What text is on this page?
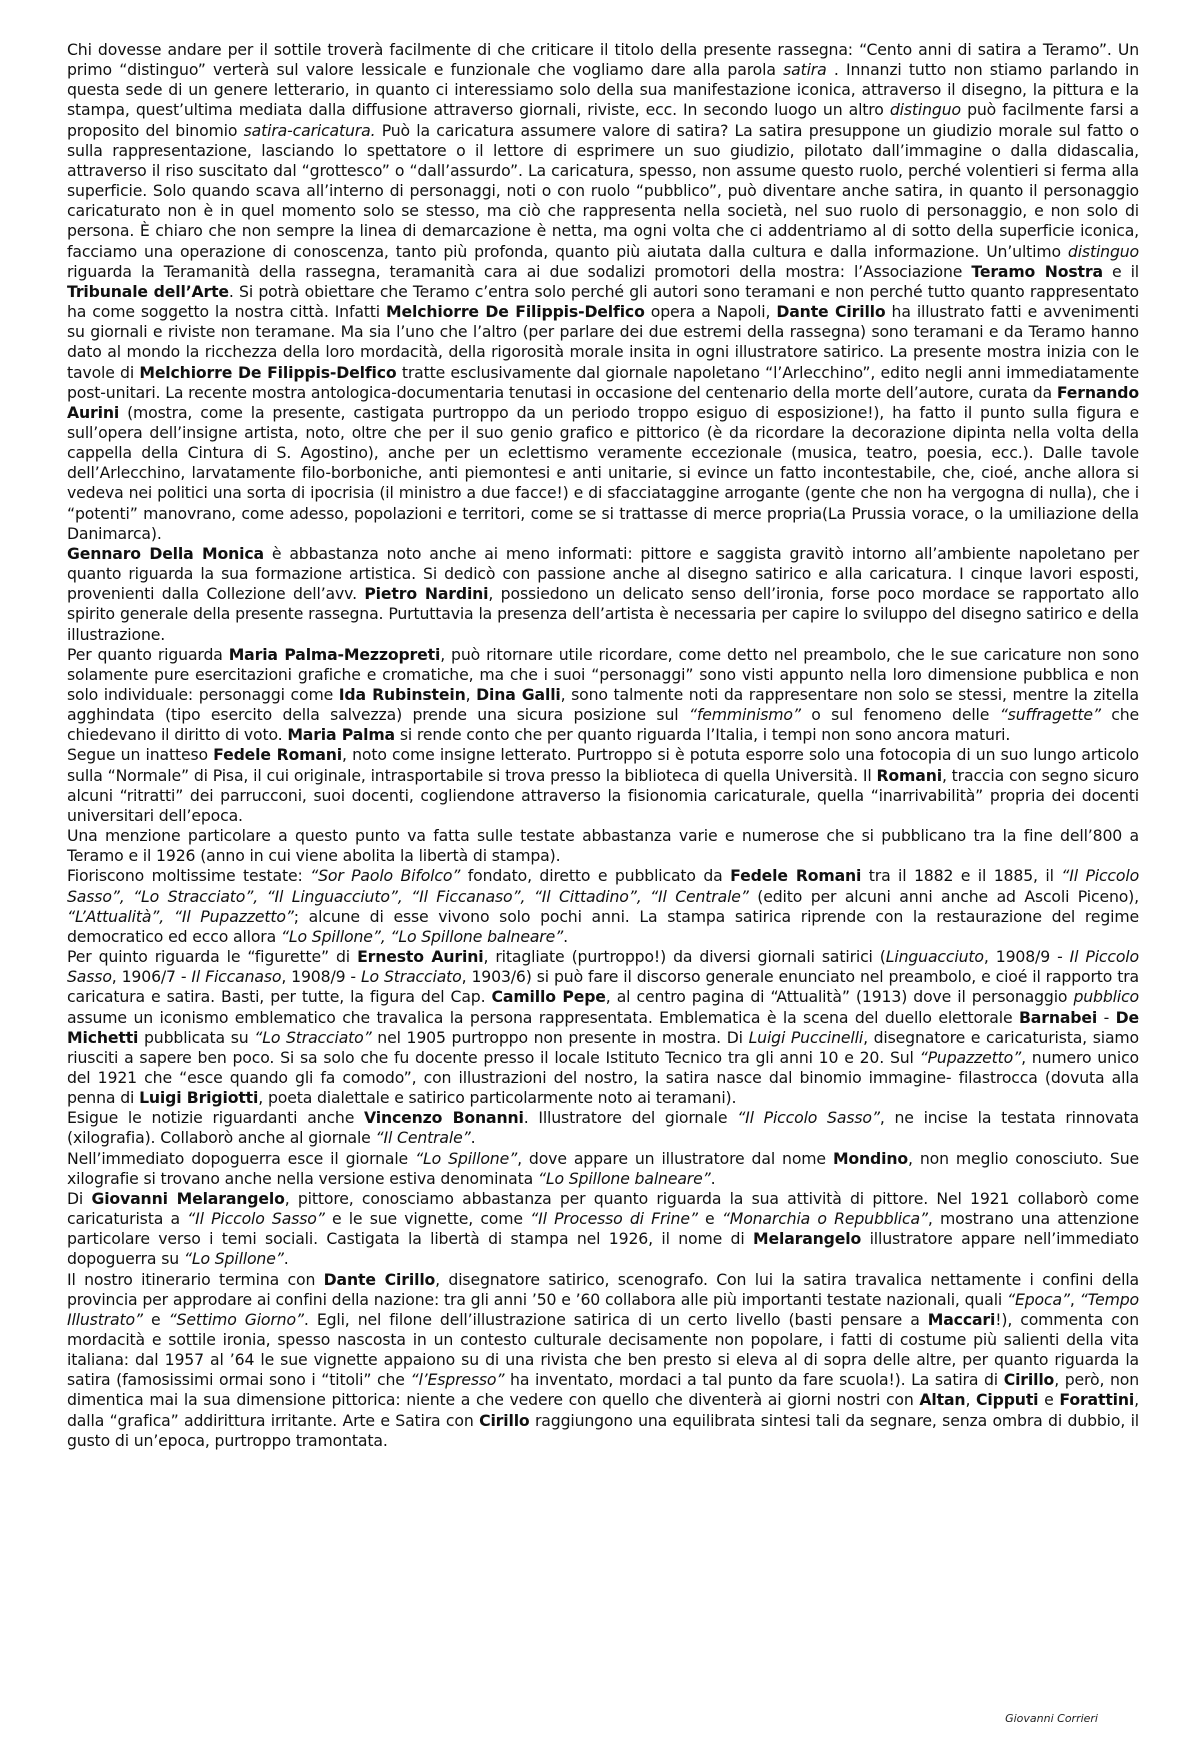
Chi dovesse andare per il sottile troverà facilmente di che criticare il titolo della presente rassegna: “Cento anni di satira a Teramo”. Un primo “distinguo” verterà sul valore lessicale e funzionale che vogliamo dare alla parola satira . Innanzi tutto non stiamo parlando in questa sede di un genere letterario, in quanto ci interessiamo solo della sua manifestazione iconica, attraverso il disegno, la pittura e la stampa, quest’ultima mediata dalla diffusione attraverso giornali, riviste, ecc. In secondo luogo un altro distinguo può facilmente farsi a proposito del binomio satira-caricatura. Può la caricatura assumere valore di satira? La satira presuppone un giudizio morale sul fatto o sulla rappresentazione, lasciando lo spettatore o il lettore di esprimere un suo giudizio, pilotato dall’immagine o dalla didascalia, attraverso il riso suscitato dal “grottesco” o “dall’assurdo”. La caricatura, spesso, non assume questo ruolo, perché volentieri si ferma alla superficie. Solo quando scava all’interno di personaggi, noti o con ruolo “pubblico”, può diventare anche satira, in quanto il personaggio caricaturato non è in quel momento solo se stesso, ma ciò che rappresenta nella società, nel suo ruolo di personaggio, e non solo di persona. È chiaro che non sempre la linea di demarcazione è netta, ma ogni volta che ci addentriamo al di sotto della superficie iconica, facciamo una operazione di conoscenza, tanto più profonda, quanto più aiutata dalla cultura e dalla informazione. Un’ultimo distinguo riguarda la Teramanità della rassegna, teramanità cara ai due sodalizi promotori della mostra: l’Associazione Teramo Nostra e il Tribunale dell’Arte. Si potrà obiettare che Teramo c’entra solo perché gli autori sono teramani e non perché tutto quanto rappresentato ha come soggetto la nostra città. Infatti Melchiorre De Filippis-Delfico opera a Napoli, Dante Cirillo ha illustrato fatti e avvenimenti su giornali e riviste non teramane. Ma sia l’uno che l’altro (per parlare dei due estremi della rassegna) sono teramani e da Teramo hanno dato al mondo la ricchezza della loro mordacità, della rigorosità morale insita in ogni illustratore satirico. La presente mostra inizia con le tavole di Melchiorre De Filippis-Delfico tratte esclusivamente dal giornale napoletano “l’Arlecchino”, edito negli anni immediatamente post-unitari. La recente mostra antologica-documentaria tenutasi in occasione del centenario della morte dell’autore, curata da Fernando Aurini (mostra, come la presente, castigata purtroppo da un periodo troppo esiguo di esposizione!), ha fatto il punto sulla figura e sull’opera dell’insigne artista, noto, oltre che per il suo genio grafico e pittorico (è da ricordare la decorazione dipinta nella volta della cappella della Cintura di S. Agostino), anche per un eclettismo veramente eccezionale (musica, teatro, poesia, ecc.). Dalle tavole dell’Arlecchino, larvatamente filo-borboniche, anti piemontesi e anti unitarie, si evince un fatto incontestabile, che, cioé, anche allora si vedeva nei politici una sorta di ipocrisia (il ministro a due facce!) e di sfacciataggine arrogante (gente che non ha vergogna di nulla), che i “potenti” manovrano, come adesso, popolazioni e territori, come se si trattasse di merce propria(La Prussia vorace, o la umiliazione della Danimarca).

Gennaro Della Monica è abbastanza noto anche ai meno informati: pittore e saggista gravitò intorno all’ambiente napoletano per quanto riguarda la sua formazione artistica. Si dedicò con passione anche al disegno satirico e alla caricatura. I cinque lavori esposti, provenienti dalla Collezione dell’avv. Pietro Nardini, possiedono un delicato senso dell’ironia, forse poco mordace se rapportato allo spirito generale della presente rassegna. Purtuttavia la presenza dell’artista è necessaria per capire lo sviluppo del disegno satirico e della illustrazione.

Per quanto riguarda Maria Palma-Mezzopreti, può ritornare utile ricordare, come detto nel preambolo, che le sue caricature non sono solamente pure esercitazioni grafiche e cromatiche, ma che i suoi “personaggi” sono visti appunto nella loro dimensione pubblica e non solo individuale: personaggi come Ida Rubinstein, Dina Galli, sono talmente noti da rappresentare non solo se stessi, mentre la zitella agghindata (tipo esercito della salvezza) prende una sicura posizione sul “femminismo” o sul fenomeno delle “suffragette” che chiedevano il diritto di voto. Maria Palma si rende conto che per quanto riguarda l’Italia, i tempi non sono ancora maturi.

Segue un inatteso Fedele Romani, noto come insigne letterato. Purtroppo si è potuta esporre solo una fotocopia di un suo lungo articolo sulla “Normale” di Pisa, il cui originale, intrasportabile si trova presso la biblioteca di quella Università. Il Romani, traccia con segno sicuro alcuni “ritratti” dei parrucconi, suoi docenti, cogliendone attraverso la fisionomia caricaturale, quella “inarrivabilità” propria dei docenti universitari dell’epoca.

Una menzione particolare a questo punto va fatta sulle testate abbastanza varie e numerose che si pubblicano tra la fine dell’800 a Teramo e il 1926 (anno in cui viene abolita la libertà di stampa).

Fioriscono moltissime testate: “Sor Paolo Bifolco” fondato, diretto e pubblicato da Fedele Romani tra il 1882 e il 1885, il “Il Piccolo Sasso”, “Lo Stracciato”, “Il Linguacciuto”, “Il Ficcanaso”, “Il Cittadino”, “Il Centrale” (edito per alcuni anni anche ad Ascoli Piceno), “L’Attualità”, “Il Pupazzetto”; alcune di esse vivono solo pochi anni. La stampa satirica riprende con la restaurazione del regime democratico ed ecco allora “Lo Spillone”, “Lo Spillone balneare”.

Per quinto riguarda le “figurette” di Ernesto Aurini, ritagliate (purtroppo!) da diversi giornali satirici (Linguacciuto, 1908/9 - Il Piccolo Sasso, 1906/7 - Il Ficcanaso, 1908/9 - Lo Stracciato, 1903/6) si può fare il discorso generale enunciato nel preambolo, e cioé il rapporto tra caricatura e satira. Basti, per tutte, la figura del Cap. Camillo Pepe, al centro pagina di “Attualità” (1913) dove il personaggio pubblico assume un iconismo emblematico che travalica la persona rappresentata. Emblematica è la scena del duello elettorale Barnabei - De Michetti pubblicata su “Lo Stracciato” nel 1905 purtroppo non presente in mostra. Di Luigi Puccinelli, disegnatore e caricaturista, siamo riusciti a sapere ben poco. Si sa solo che fu docente presso il locale Istituto Tecnico tra gli anni 10 e 20. Sul “Pupazzetto”, numero unico del 1921 che “esce quando gli fa comodo”, con illustrazioni del nostro, la satira nasce dal binomio immagine- filastrocca (dovuta alla penna di Luigi Brigiotti, poeta dialettale e satirico particolarmente noto ai teramani).

Esigue le notizie riguardanti anche Vincenzo Bonanni. Illustratore del giornale “Il Piccolo Sasso”, ne incise la testata rinnovata (xilografia). Collaborò anche al giornale “Il Centrale”.

Nell’immediato dopoguerra esce il giornale “Lo Spillone”, dove appare un illustratore dal nome Mondino, non meglio conosciuto. Sue xilografie si trovano anche nella versione estiva denominata “Lo Spillone balneare”.

Di Giovanni Melarangelo, pittore, conosciamo abbastanza per quanto riguarda la sua attività di pittore. Nel 1921 collaborò come caricaturista a “Il Piccolo Sasso” e le sue vignette, come “Il Processo di Frine” e “Monarchia o Repubblica”, mostrano una attenzione particolare verso i temi sociali. Castigata la libertà di stampa nel 1926, il nome di Melarangelo illustratore appare nell’immediato dopoguerra su “Lo Spillone”.

Il nostro itinerario termina con Dante Cirillo, disegnatore satirico, scenografo. Con lui la satira travalica nettamente i confini della provincia per approdare ai confini della nazione: tra gli anni ’50 e ’60 collabora alle più importanti testate nazionali, quali “Epoca”, “Tempo Illustrato” e “Settimo Giorno”. Egli, nel filone dell’illustrazione satirica di un certo livello (basti pensare a Maccari!), commenta con mordacità e sottile ironia, spesso nascosta in un contesto culturale decisamente non popolare, i fatti di costume più salienti della vita italiana: dal 1957 al ’64 le sue vignette appaiono su di una rivista che ben presto si eleva al di sopra delle altre, per quanto riguarda la satira (famosissimi ormai sono i “titoli” che “l’Espresso” ha inventato, mordaci a tal punto da fare scuola!). La satira di Cirillo, però, non dimentica mai la sua dimensione pittorica: niente a che vedere con quello che diventerà ai giorni nostri con Altan, Cipputi e Forattini, dalla “grafica” addirittura irritante. Arte e Satira con Cirillo raggiungono una equilibrata sintesi tali da segnare, senza ombra di dubbio, il gusto di un’epoca, purtroppo tramontata.

Giovanni Corrieri
